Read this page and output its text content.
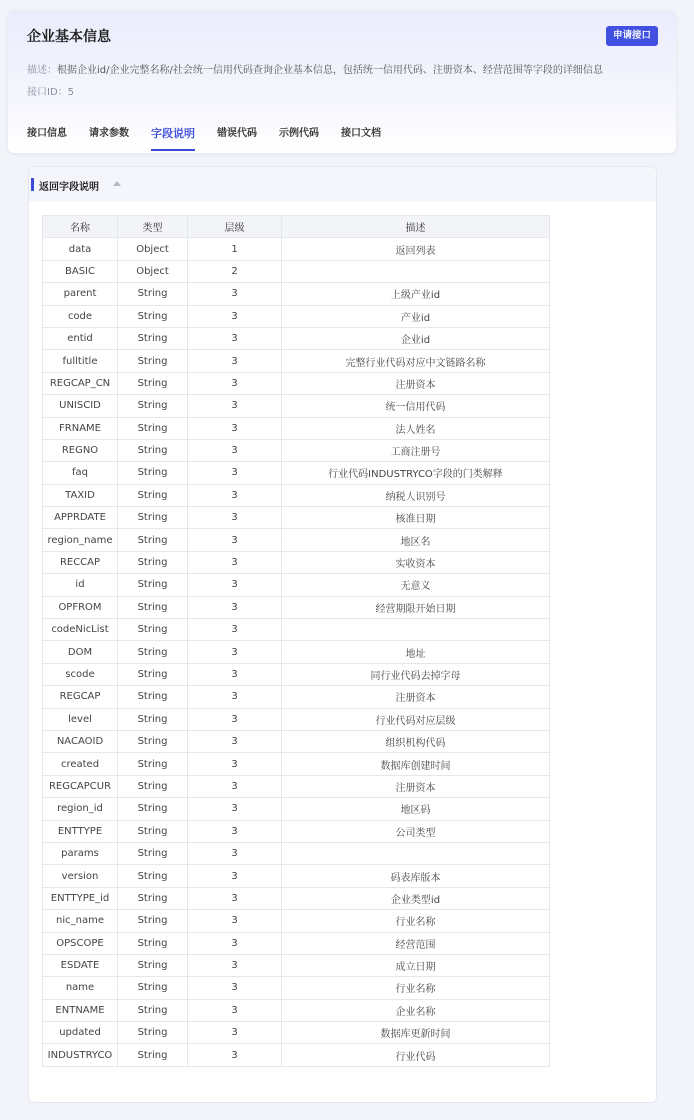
企业基本信息	申请接口
描述：根据企业id/企业完整名称/社会统一信用代码查询企业基本信息，包括统一信用代码、注册资本、经营范围等字段的详细信息
接口ID：5
接口信息 请求参数 字段说明 错误代码 示例代码 接口文档
返回字段说明
名称	类型	层级	描述
data	Object	1	返回列表
BASIC	Object	2	
parent	String	3	上级产业id
code	String	3	产业id
entid	String	3	企业id
fulltitle	String	3	完整行业代码对应中文链路名称
REGCAP_CN	String	3	注册资本
UNISCID	String	3	统一信用代码
FRNAME	String	3	法人姓名
REGNO	String	3	工商注册号
faq	String	3	行业代码INDUSTRYCO字段的门类解释
TAXID	String	3	纳税人识别号
APPRDATE	String	3	核准日期
region_name	String	3	地区名
RECCAP	String	3	实收资本
id	String	3	无意义
OPFROM	String	3	经营期限开始日期
codeNicList	String	3	
DOM	String	3	地址
scode	String	3	同行业代码去掉字母
REGCAP	String	3	注册资本
level	String	3	行业代码对应层级
NACAOID	String	3	组织机构代码
created	String	3	数据库创建时间
REGCAPCUR	String	3	注册资本
region_id	String	3	地区码
ENTTYPE	String	3	公司类型
params	String	3	
version	String	3	码表库版本
ENTTYPE_id	String	3	企业类型id
nic_name	String	3	行业名称
OPSCOPE	String	3	经营范围
ESDATE	String	3	成立日期
name	String	3	行业名称
ENTNAME	String	3	企业名称
updated	String	3	数据库更新时间
INDUSTRYCO	String	3	行业代码
